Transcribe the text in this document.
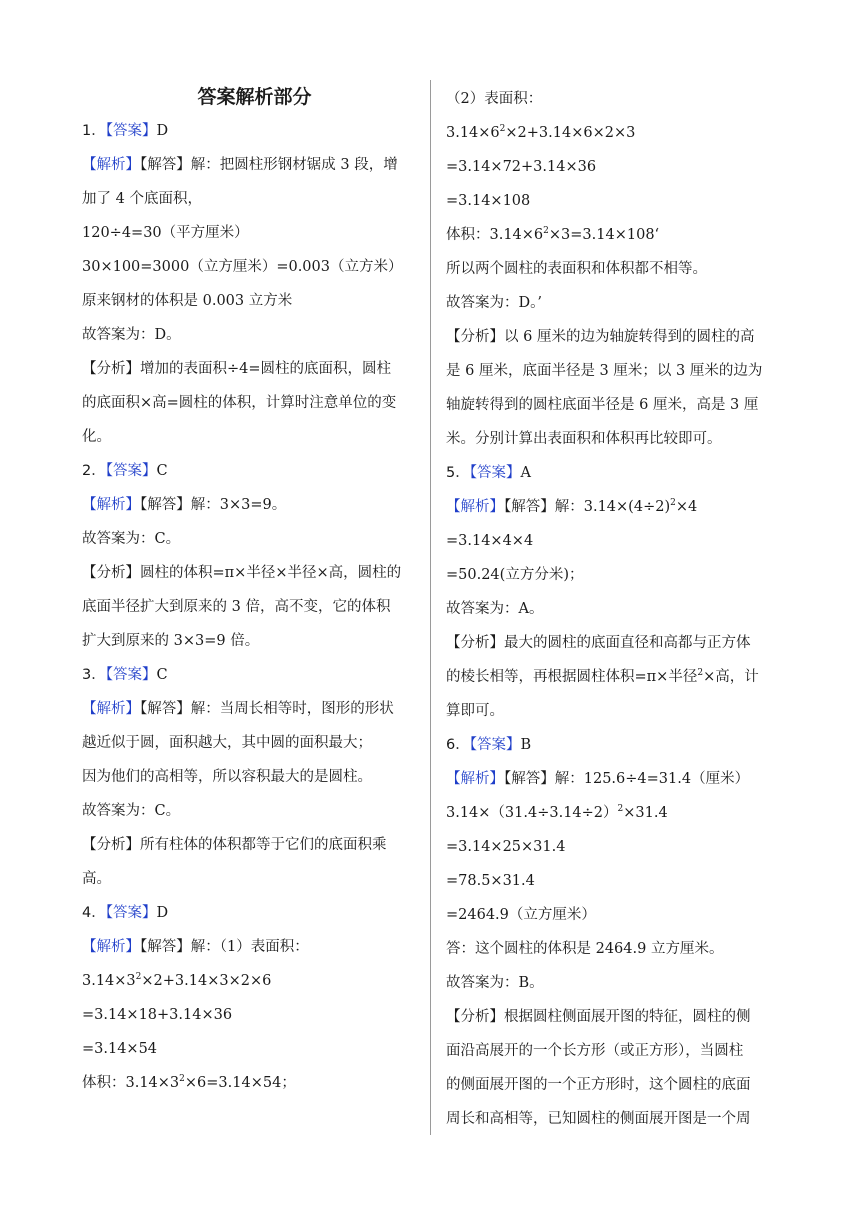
答案解析部分

1．【答案】D

【解析】【解答】解：把圆柱形钢材锯成 3 段，增

加了 4 个底面积，

120÷4=30（平方厘米）

30×100=3000（立方厘米）=0.003（立方米）

原来钢材的体积是 0.003 立方米

故答案为：D。

【分析】增加的表面积÷4=圆柱的底面积，圆柱

的底面积×高=圆柱的体积，计算时注意单位的变

化。

2．【答案】C

【解析】【解答】解：3×3=9。

故答案为：C。

【分析】圆柱的体积=π×半径×半径×高，圆柱的

底面半径扩大到原来的 3 倍，高不变，它的体积

扩大到原来的 3×3=9 倍。

3．【答案】C

【解析】【解答】解：当周长相等时，图形的形状

越近似于圆，面积越大，其中圆的面积最大；

因为他们的高相等，所以容积最大的是圆柱。

故答案为：C。

【分析】所有柱体的体积都等于它们的底面积乘

高。

4．【答案】D

【解析】【解答】解：（1）表面积：

$3.14\times 3^2\times 2+3.14\times 3\times 2\times 6$

=3.14×18+3.14×36

=3.14×54

体积：$3.14\times 3^2\times 6=3.14\times 54$；

（2）表面积：

$3.14\times 6^2\times 2+3.14\times 6\times 2\times 3$

=3.14×72+3.14×36

=3.14×108

体积：$3.14\times 6^2\times 3=3.14\times 108‘$

所以两个圆柱的表面积和体积都不相等。

故答案为：D。’

【分析】以 6 厘米的边为轴旋转得到的圆柱的高

是 6 厘米，底面半径是 3 厘米；以 3 厘米的边为

轴旋转得到的圆柱底面半径是 6 厘米，高是 3 厘

米。分别计算出表面积和体积再比较即可。

5．【答案】A

【解析】【解答】解：$3.14\times(4\div 2)^2\times 4$

=3.14×4×4

=50.24(立方分米)；

故答案为：A。

【分析】最大的圆柱的底面直径和高都与正方体

的棱长相等，再根据圆柱体积=π×半径$^2$×高，计

算即可。

6．【答案】B

【解析】【解答】解：125.6÷4=31.4（厘米）

$3.14\times(31.4\div 3.14\div 2)^2\times 31.4$

=3.14×25×31.4

=78.5×31.4

=2464.9（立方厘米）

答：这个圆柱的体积是 2464.9 立方厘米。

故答案为：B。

【分析】根据圆柱侧面展开图的特征，圆柱的侧

面沿高展开的一个长方形（或正方形），当圆柱

的侧面展开图的一个正方形时，这个圆柱的底面

周长和高相等，已知圆柱的侧面展开图是一个周
